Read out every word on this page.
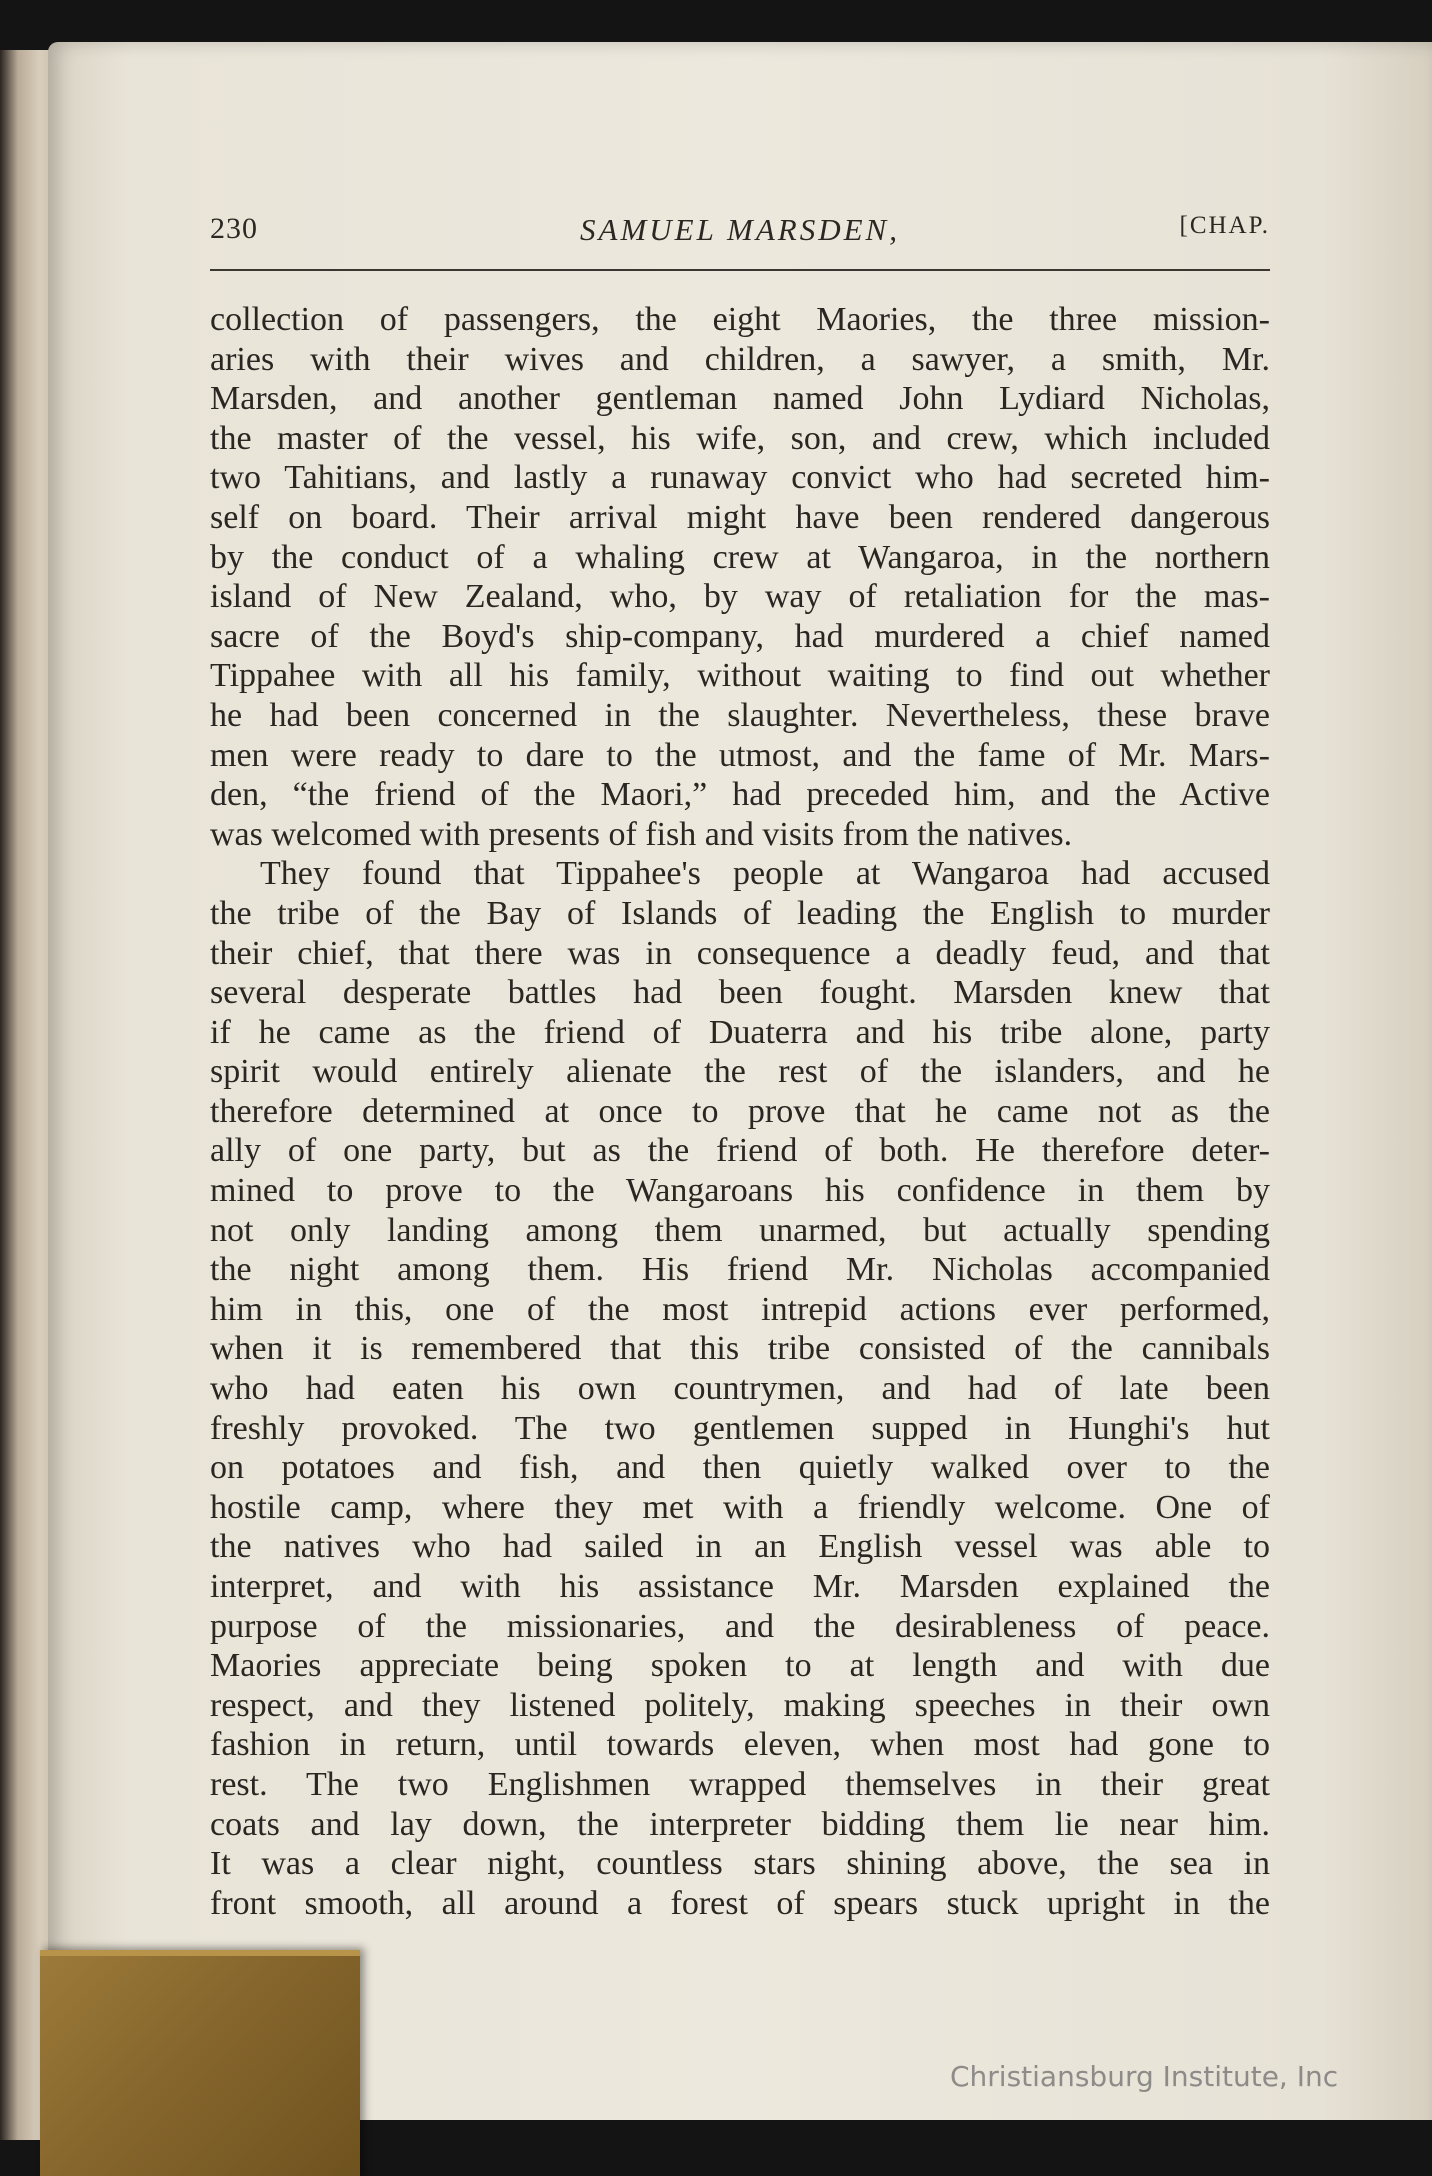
230	SAMUEL MARSDEN,	[CHAP.
collection of passengers, the eight Maories, the three mission-
aries with their wives and children, a sawyer, a smith, Mr.
Marsden, and another gentleman named John Lydiard Nicholas,
the master of the vessel, his wife, son, and crew, which included
two Tahitians, and lastly a runaway convict who had secreted him-
self on board. Their arrival might have been rendered dangerous
by the conduct of a whaling crew at Wangaroa, in the northern
island of New Zealand, who, by way of retaliation for the mas-
sacre of the Boyd's ship-company, had murdered a chief named
Tippahee with all his family, without waiting to find out whether
he had been concerned in the slaughter. Nevertheless, these brave
men were ready to dare to the utmost, and the fame of Mr. Mars-
den, “the friend of the Maori,” had preceded him, and the Active
was welcomed with presents of fish and visits from the natives.
They found that Tippahee's people at Wangaroa had accused
the tribe of the Bay of Islands of leading the English to murder
their chief, that there was in consequence a deadly feud, and that
several desperate battles had been fought. Marsden knew that
if he came as the friend of Duaterra and his tribe alone, party
spirit would entirely alienate the rest of the islanders, and he
therefore determined at once to prove that he came not as the
ally of one party, but as the friend of both. He therefore deter-
mined to prove to the Wangaroans his confidence in them by
not only landing among them unarmed, but actually spending
the night among them. His friend Mr. Nicholas accompanied
him in this, one of the most intrepid actions ever performed,
when it is remembered that this tribe consisted of the cannibals
who had eaten his own countrymen, and had of late been
freshly provoked. The two gentlemen supped in Hunghi's hut
on potatoes and fish, and then quietly walked over to the
hostile camp, where they met with a friendly welcome. One of
the natives who had sailed in an English vessel was able to
interpret, and with his assistance Mr. Marsden explained the
purpose of the missionaries, and the desirableness of peace.
Maories appreciate being spoken to at length and with due
respect, and they listened politely, making speeches in their own
fashion in return, until towards eleven, when most had gone to
rest. The two Englishmen wrapped themselves in their great
coats and lay down, the interpreter bidding them lie near him.
It was a clear night, countless stars shining above, the sea in
front smooth, all around a forest of spears stuck upright in the
Christiansburg Institute, Inc
